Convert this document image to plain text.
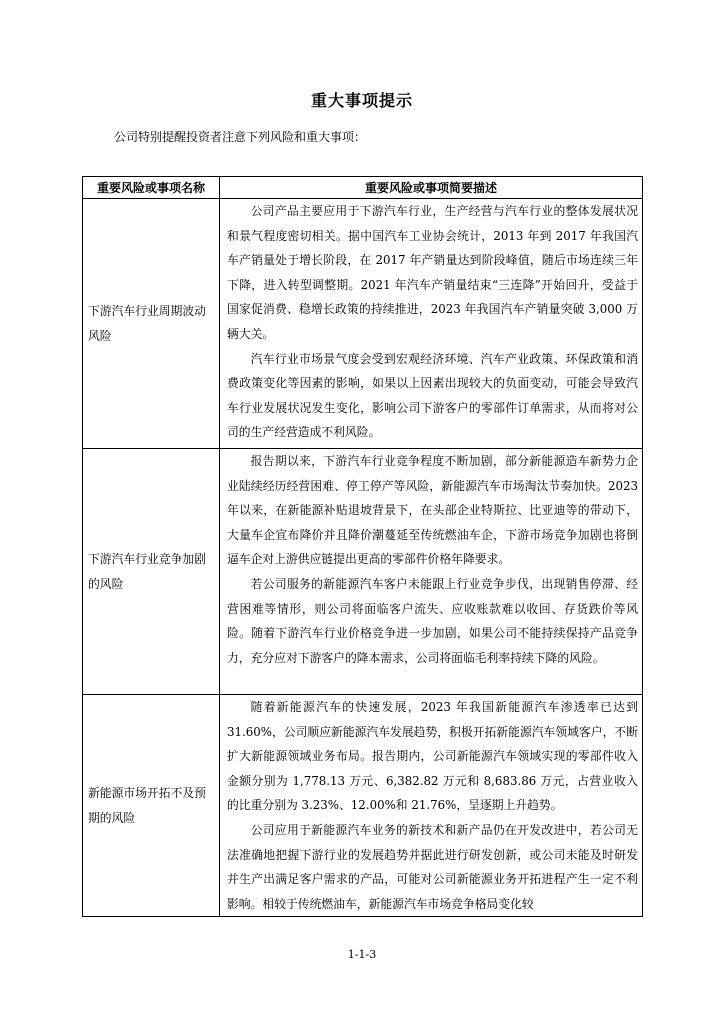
重大事项提示
公司特别提醒投资者注意下列风险和重大事项：
重要风险或事项名称	重要风险或事项简要描述
下游汽车行业周期波动风险	公司产品主要应用于下游汽车行业，生产经营与汽车行业的整体发展状况和景气程度密切相关。据中国汽车工业协会统计，2013 年到 2017 年我国汽车产销量处于增长阶段，在 2017 年产销量达到阶段峰值，随后市场连续三年下降，进入转型调整期。2021 年汽车产销量结束“三连降”开始回升，受益于国家促消费、稳增长政策的持续推进，2023 年我国汽车产销量突破 3,000 万辆大关。

汽车行业市场景气度会受到宏观经济环境、汽车产业政策、环保政策和消费政策变化等因素的影响，如果以上因素出现较大的负面变动，可能会导致汽车行业发展状况发生变化，影响公司下游客户的零部件订单需求，从而将对公司的生产经营造成不利风险。

下游汽车行业竞争加剧的风险	报告期以来，下游汽车行业竞争程度不断加剧，部分新能源造车新势力企业陆续经历经营困难、停工停产等风险，新能源汽车市场淘汰节奏加快。2023 年以来，在新能源补贴退坡背景下，在头部企业特斯拉、比亚迪等的带动下，大量车企宣布降价并且降价潮蔓延至传统燃油车企，下游市场竞争加剧也将倒逼车企对上游供应链提出更高的零部件价格年降要求。

若公司服务的新能源汽车客户未能跟上行业竞争步伐，出现销售停滞、经营困难等情形，则公司将面临客户流失、应收账款难以收回、存货跌价等风险。随着下游汽车行业价格竞争进一步加剧，如果公司不能持续保持产品竞争力，充分应对下游客户的降本需求，公司将面临毛利率持续下降的风险。

新能源市场开拓不及预期的风险	随着新能源汽车的快速发展，2023 年我国新能源汽车渗透率已达到 31.60%，公司顺应新能源汽车发展趋势，积极开拓新能源汽车领域客户，不断扩大新能源领域业务布局。报告期内，公司新能源汽车领域实现的零部件收入金额分别为 1,778.13 万元、6,382.82 万元和 8,683.86 万元，占营业收入的比重分别为 3.23%、12.00%和 21.76%，呈逐期上升趋势。

公司应用于新能源汽车业务的新技术和新产品仍在开发改进中，若公司无法准确地把握下游行业的发展趋势并据此进行研发创新，或公司未能及时研发并生产出满足客户需求的产品，可能对公司新能源业务开拓进程产生一定不利影响。相较于传统燃油车，新能源汽车市场竞争格局变化较

1-1-3
